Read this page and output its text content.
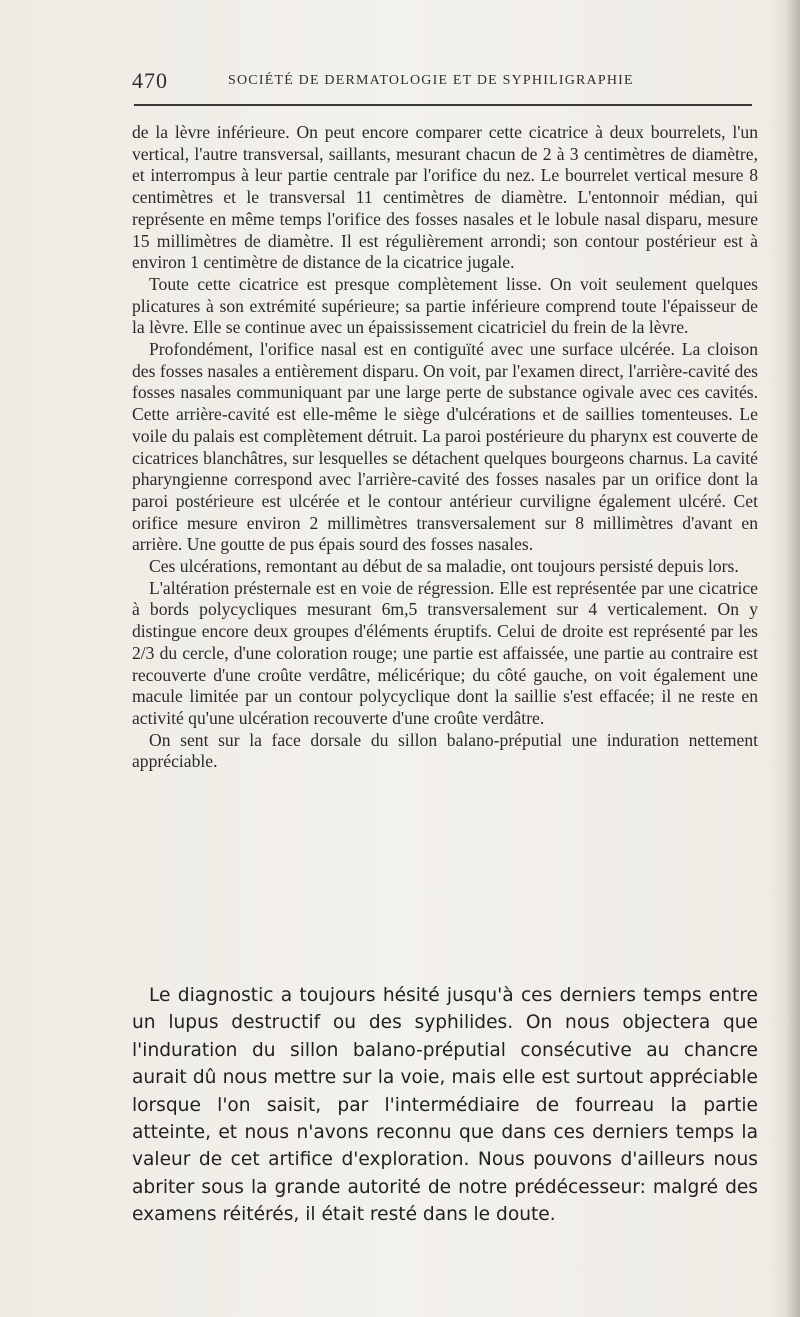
470	SOCIÉTÉ DE DERMATOLOGIE ET DE SYPHILIGRAPHIE

de la lèvre inférieure. On peut encore comparer cette cicatrice à deux bourrelets, l'un vertical, l'autre transversal, saillants, mesurant chacun de 2 à 3 centimètres de diamètre, et interrompus à leur partie centrale par l'orifice du nez. Le bourrelet vertical mesure 8 centimètres et le transversal 11 centimètres de diamètre. L'entonnoir médian, qui représente en même temps l'orifice des fosses nasales et le lobule nasal disparu, mesure 15 millimètres de diamètre. Il est régulièrement arrondi; son contour postérieur est à environ 1 centimètre de distance de la cicatrice jugale.

Toute cette cicatrice est presque complètement lisse. On voit seulement quelques plicatures à son extrémité supérieure; sa partie inférieure comprend toute l'épaisseur de la lèvre. Elle se continue avec un épaississement cicatriciel du frein de la lèvre.

Profondément, l'orifice nasal est en contiguïté avec une surface ulcérée. La cloison des fosses nasales a entièrement disparu. On voit, par l'examen direct, l'arrière-cavité des fosses nasales communiquant par une large perte de substance ogivale avec ces cavités. Cette arrière-cavité est elle-même le siège d'ulcérations et de saillies tomenteuses. Le voile du palais est complètement détruit. La paroi postérieure du pharynx est couverte de cicatrices blanchâtres, sur lesquelles se détachent quelques bourgeons charnus. La cavité pharyngienne correspond avec l'arrière-cavité des fosses nasales par un orifice dont la paroi postérieure est ulcérée et le contour antérieur curviligne également ulcéré. Cet orifice mesure environ 2 millimètres transversalement sur 8 millimètres d'avant en arrière. Une goutte de pus épais sourd des fosses nasales.

Ces ulcérations, remontant au début de sa maladie, ont toujours persisté depuis lors.

L'altération présternale est en voie de régression. Elle est représentée par une cicatrice à bords polycycliques mesurant 6m,5 transversalement sur 4 verticalement. On y distingue encore deux groupes d'éléments éruptifs. Celui de droite est représenté par les 2/3 du cercle, d'une coloration rouge; une partie est affaissée, une partie au contraire est recouverte d'une croûte verdâtre, mélicérique; du côté gauche, on voit également une macule limitée par un contour polycyclique dont la saillie s'est effacée; il ne reste en activité qu'une ulcération recouverte d'une croûte verdâtre.

On sent sur la face dorsale du sillon balano-préputial une induration nettement appréciable.

Le diagnostic a toujours hésité jusqu'à ces derniers temps entre un lupus destructif ou des syphilides. On nous objectera que l'induration du sillon balano-préputial consécutive au chancre aurait dû nous mettre sur la voie, mais elle est surtout appréciable lorsque l'on saisit, par l'intermédiaire de fourreau la partie atteinte, et nous n'avons reconnu que dans ces derniers temps la valeur de cet artifice d'exploration. Nous pouvons d'ailleurs nous abriter sous la grande autorité de notre prédécesseur: malgré des examens réitérés, il était resté dans le doute.
